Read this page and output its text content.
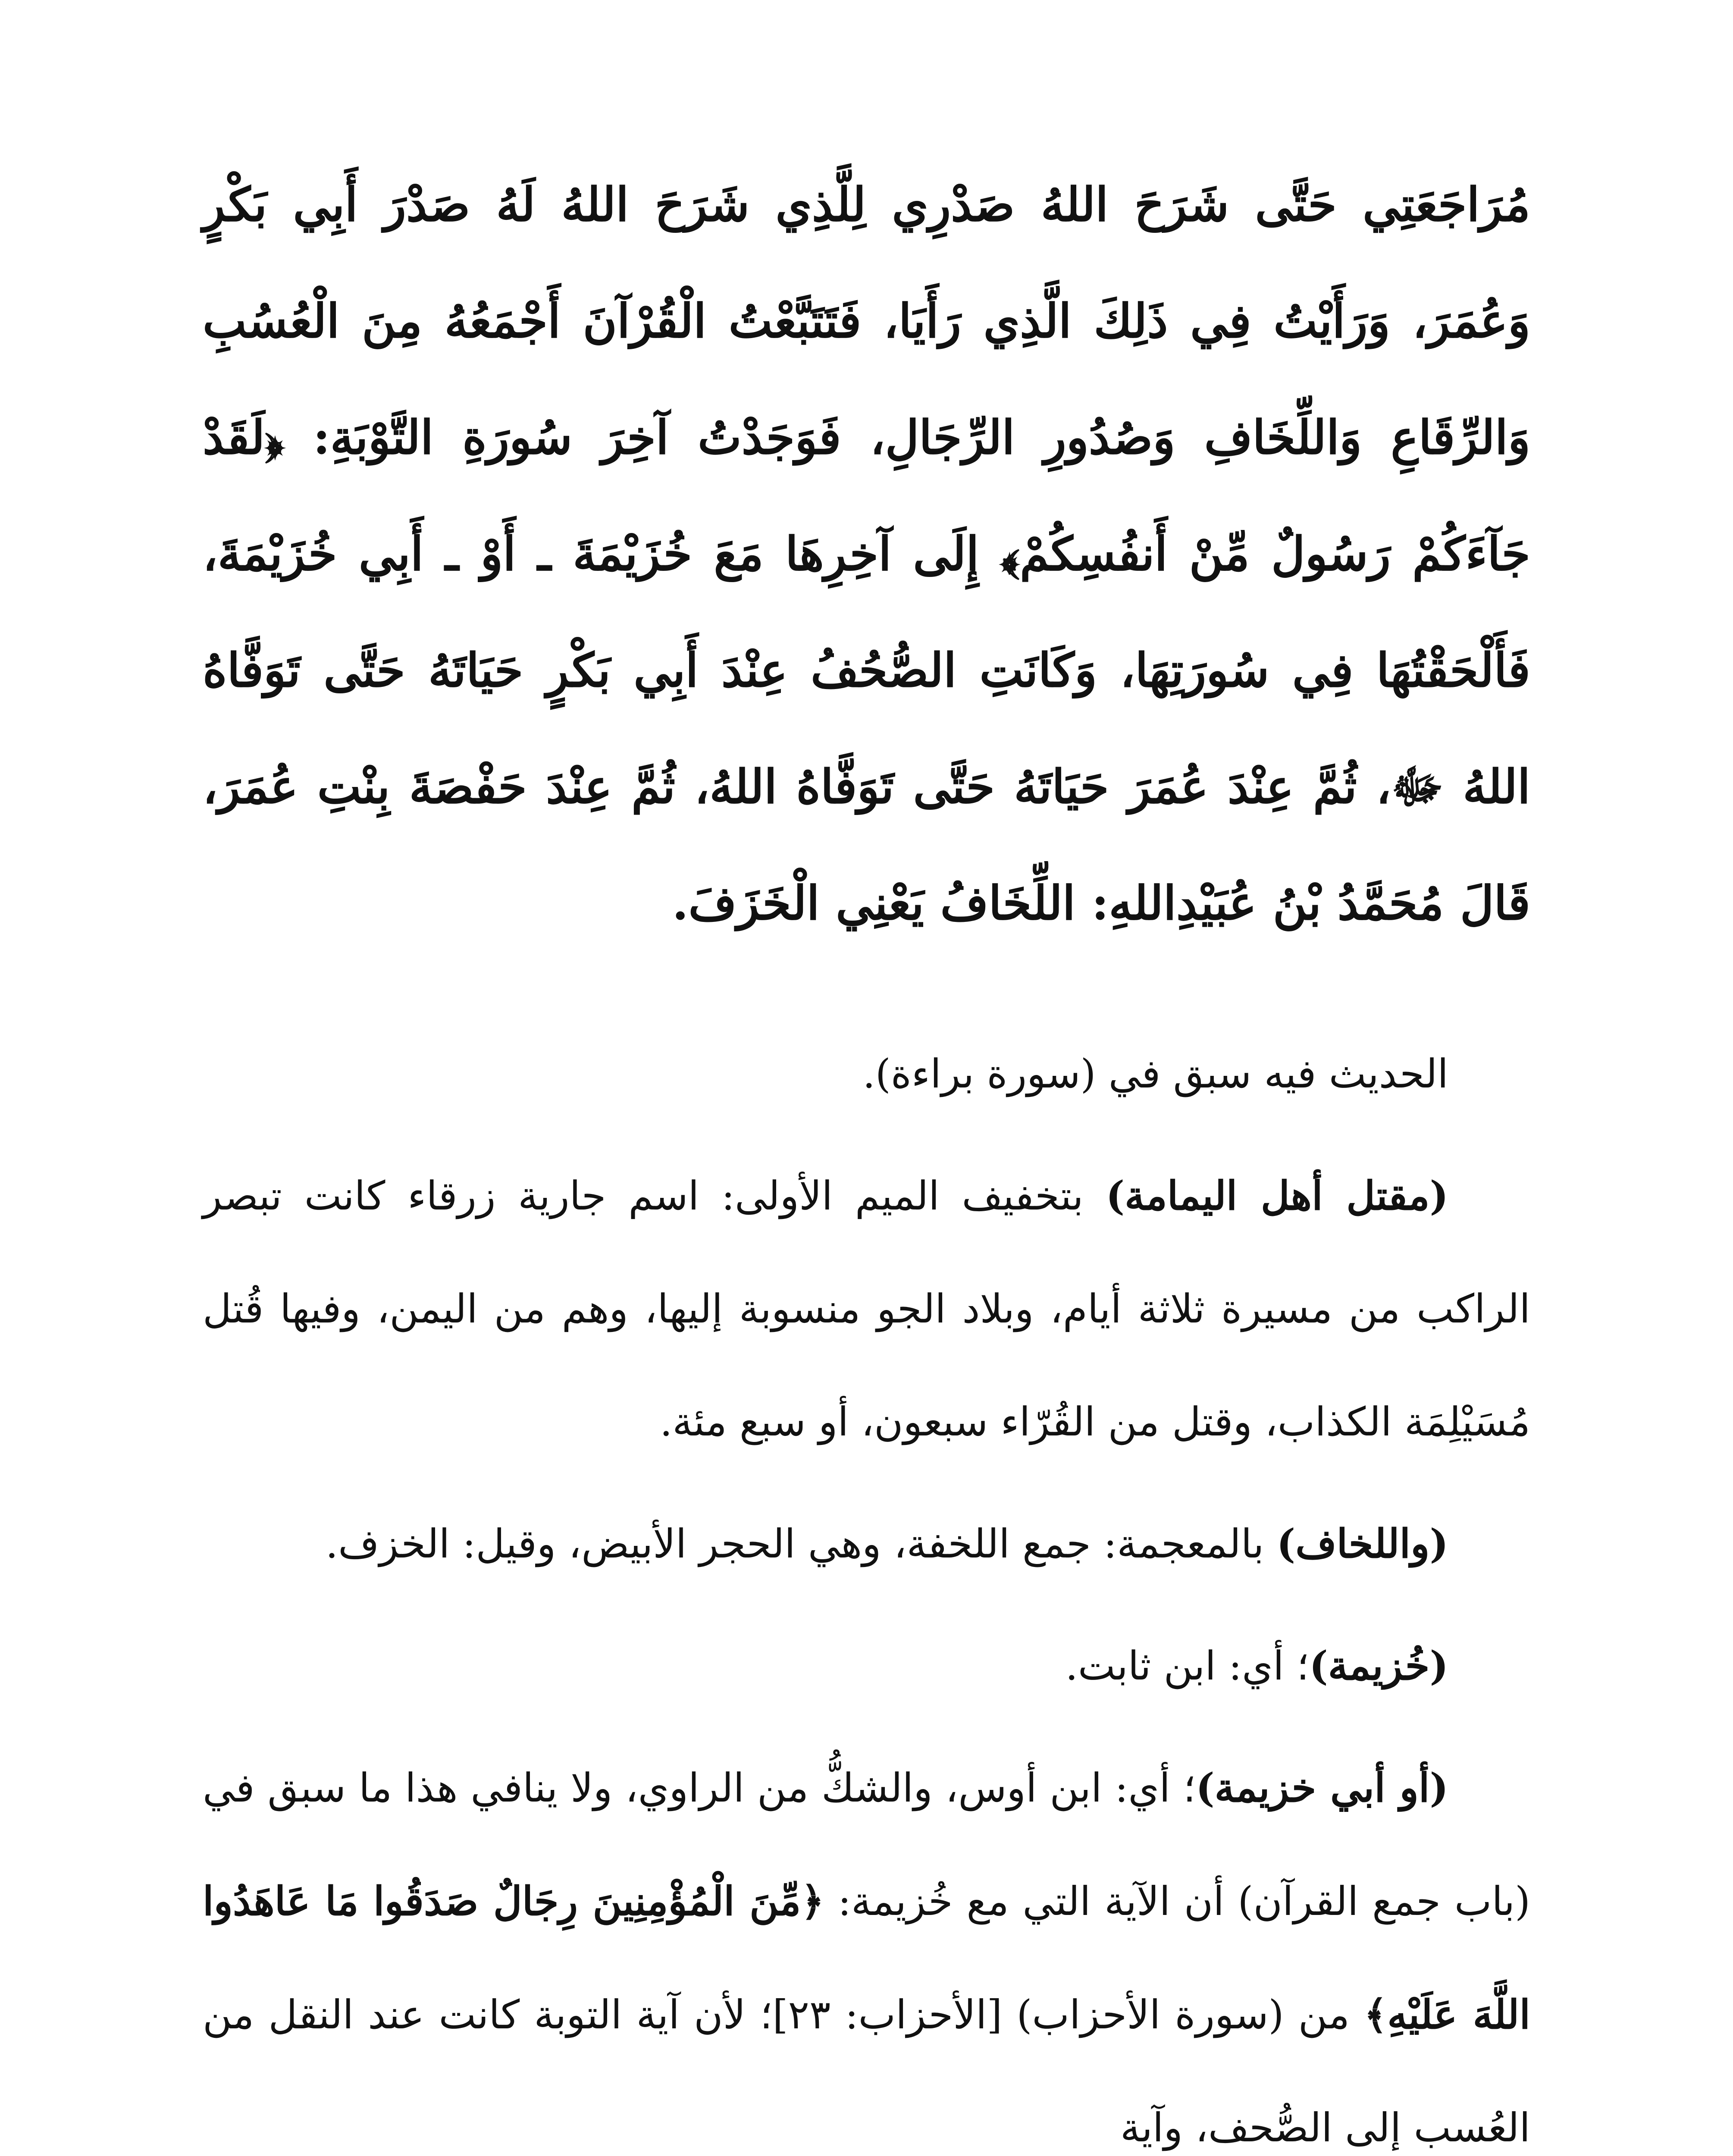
مُرَاجَعَتِي حَتَّى شَرَحَ اللهُ صَدْرِي لِلَّذِي شَرَحَ اللهُ لَهُ صَدْرَ أَبِي بَكْرٍ وَعُمَرَ، وَرَأَيْتُ فِي ذَلِكَ الَّذِي رَأَيَا، فَتَتَبَّعْتُ الْقُرْآنَ أَجْمَعُهُ مِنَ الْعُسُبِ وَالرِّقَاعِ وَاللِّخَافِ وَصُدُورِ الرِّجَالِ، فَوَجَدْتُ آخِرَ سُورَةِ التَّوْبَةِ: ﴿لَقَدْ جَآءَكُمْ رَسُولٌ مِّنْ أَنفُسِكُمْ﴾ إِلَى آخِرِهَا مَعَ خُزَيْمَةَ ـ أَوْ ـ أَبِي خُزَيْمَةَ، فَأَلْحَقْتُهَا فِي سُورَتِهَا، وَكَانَتِ الصُّحُفُ عِنْدَ أَبِي بَكْرٍ حَيَاتَهُ حَتَّى تَوَفَّاهُ اللهُ ﷻ، ثُمَّ عِنْدَ عُمَرَ حَيَاتَهُ حَتَّى تَوَفَّاهُ اللهُ، ثُمَّ عِنْدَ حَفْصَةَ بِنْتِ عُمَرَ، قَالَ مُحَمَّدُ بْنُ عُبَيْدِاللهِ: اللِّخَافُ يَعْنِي الْخَزَفَ.

الحديث فيه سبق في (سورة براءة).

(مقتل أهل اليمامة) بتخفيف الميم الأولى: اسم جارية زرقاء كانت تبصر الراكب من مسيرة ثلاثة أيام، وبلاد الجو منسوبة إليها، وهم من اليمن، وفيها قُتل مُسَيْلِمَة الكذاب، وقتل من القُرّاء سبعون، أو سبع مئة.

(واللخاف) بالمعجمة: جمع اللخفة، وهي الحجر الأبيض، وقيل: الخزف.

(خُزيمة)؛ أي: ابن ثابت.

(أو أبي خزيمة)؛ أي: ابن أوس، والشكُّ من الراوي، ولا ينافي هذا ما سبق في (باب جمع القرآن) أن الآية التي مع خُزيمة: ﴿مِّنَ الْمُؤْمِنِينَ رِجَالٌ صَدَقُوا مَا عَاهَدُوا اللَّهَ عَلَيْهِ﴾ من (سورة الأحزاب) [الأحزاب: ٢٣]؛ لأن آية التوبة كانت عند النقل من العُسب إلى الصُّحف، وآية
